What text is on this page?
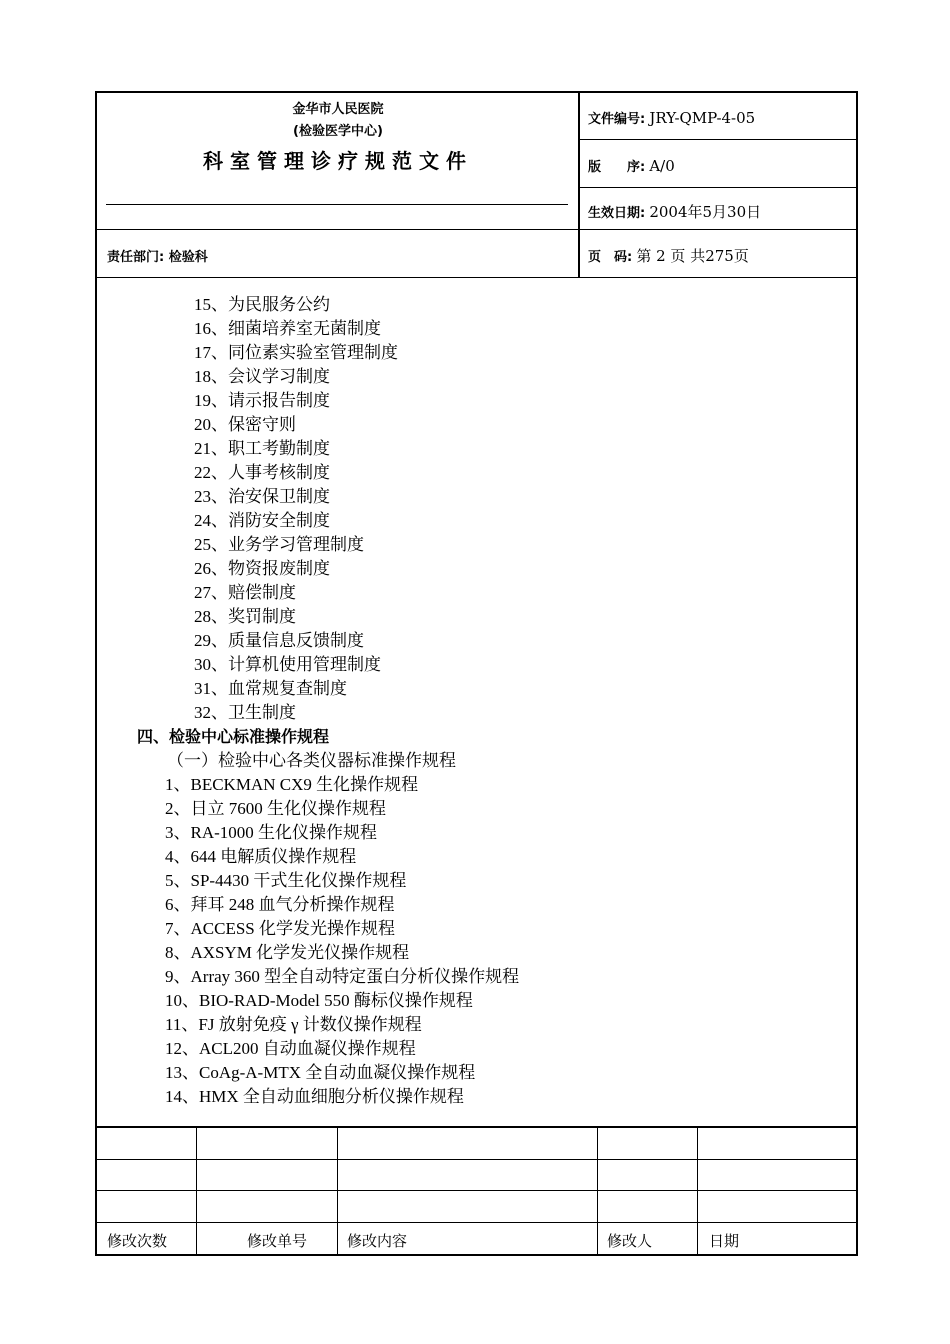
金华市人民医院
(检验医学中心)
科室管理诊疗规范文件
文件编号: JRY-QMP-4-05
版　　序: A/0
生效日期: 2004年5月30日
责任部门: 检验科	页　码: 第 2 页 共275页
15、为民服务公约
16、细菌培养室无菌制度
17、同位素实验室管理制度
18、会议学习制度
19、请示报告制度
20、保密守则
21、职工考勤制度
22、人事考核制度
23、治安保卫制度
24、消防安全制度
25、业务学习管理制度
26、物资报废制度
27、赔偿制度
28、奖罚制度
29、质量信息反馈制度
30、计算机使用管理制度
31、血常规复查制度
32、卫生制度
四、检验中心标准操作规程
（一）检验中心各类仪器标准操作规程
1、BECKMAN CX9 生化操作规程
2、日立 7600 生化仪操作规程
3、RA-1000 生化仪操作规程
4、644 电解质仪操作规程
5、SP-4430 干式生化仪操作规程
6、拜耳 248 血气分析操作规程
7、ACCESS 化学发光操作规程
8、AXSYM 化学发光仪操作规程
9、Array 360 型全自动特定蛋白分析仪操作规程
10、BIO-RAD-Model 550 酶标仪操作规程
11、FJ 放射免疫 γ 计数仪操作规程
12、ACL200 自动血凝仪操作规程
13、CoAg-A-MTX 全自动血凝仪操作规程
14、HMX 全自动血细胞分析仪操作规程
修改次数	修改单号	修改内容	修改人	日期
